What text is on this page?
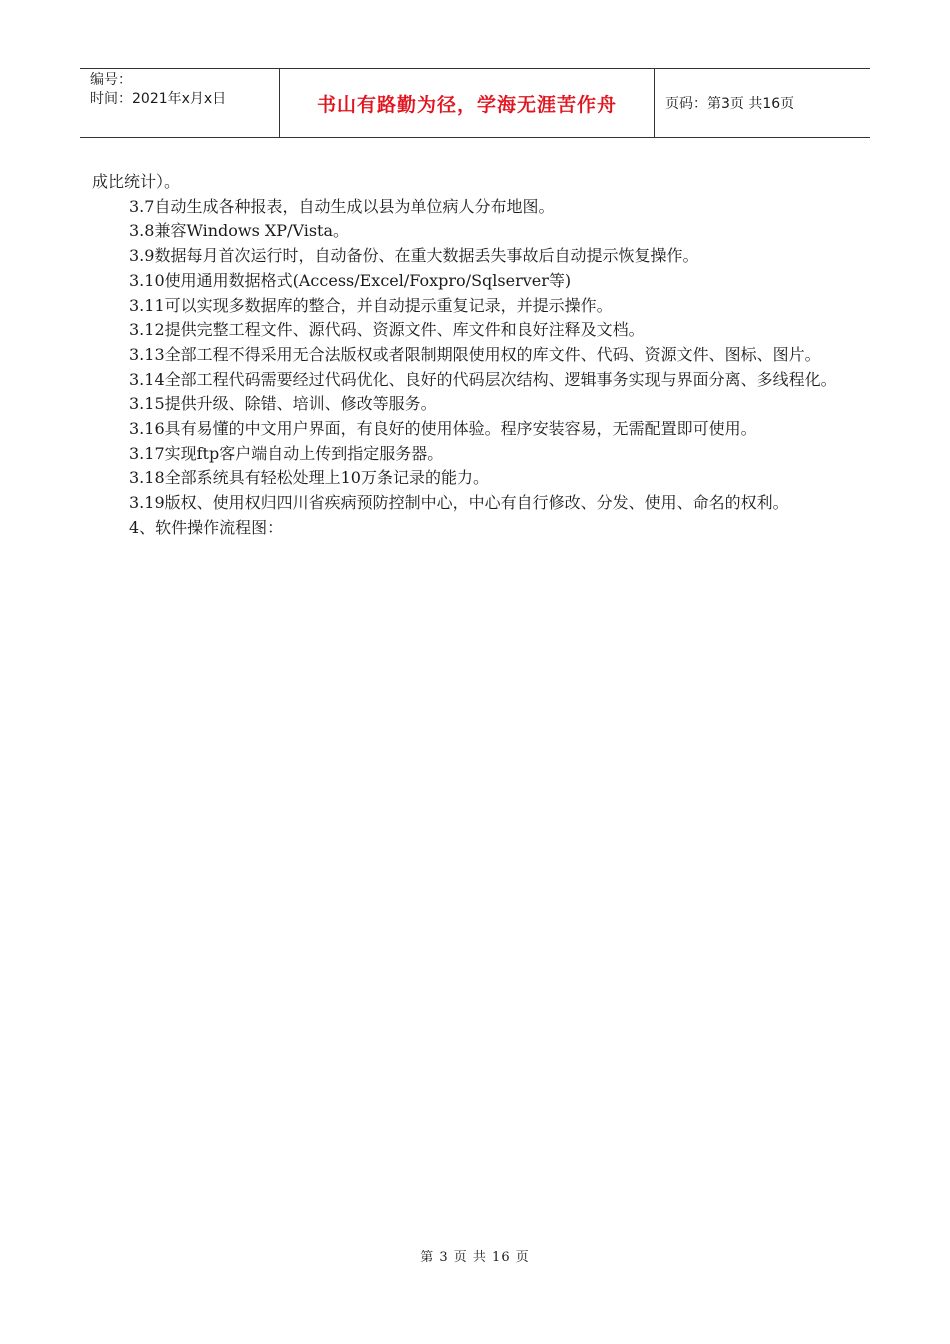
编号：
时间：2021年x月x日	书山有路勤为径，学海无涯苦作舟	页码：第3页 共16页

成比统计）。

3.7自动生成各种报表，自动生成以县为单位病人分布地图。

3.8兼容Windows XP/Vista。

3.9数据每月首次运行时，自动备份、在重大数据丢失事故后自动提示恢复操作。

3.10使用通用数据格式(Access/Excel/Foxpro/Sqlserver等)

3.11可以实现多数据库的整合，并自动提示重复记录，并提示操作。

3.12提供完整工程文件、源代码、资源文件、库文件和良好注释及文档。

3.13全部工程不得采用无合法版权或者限制期限使用权的库文件、代码、资源文件、图标、图片。

3.14全部工程代码需要经过代码优化、良好的代码层次结构、逻辑事务实现与界面分离、多线程化。

3.15提供升级、除错、培训、修改等服务。

3.16具有易懂的中文用户界面，有良好的使用体验。程序安装容易，无需配置即可使用。

3.17实现ftp客户端自动上传到指定服务器。

3.18全部系统具有轻松处理上10万条记录的能力。

3.19版权、使用权归四川省疾病预防控制中心，中心有自行修改、分发、使用、命名的权利。

4、软件操作流程图：

第 3 页 共 16 页
